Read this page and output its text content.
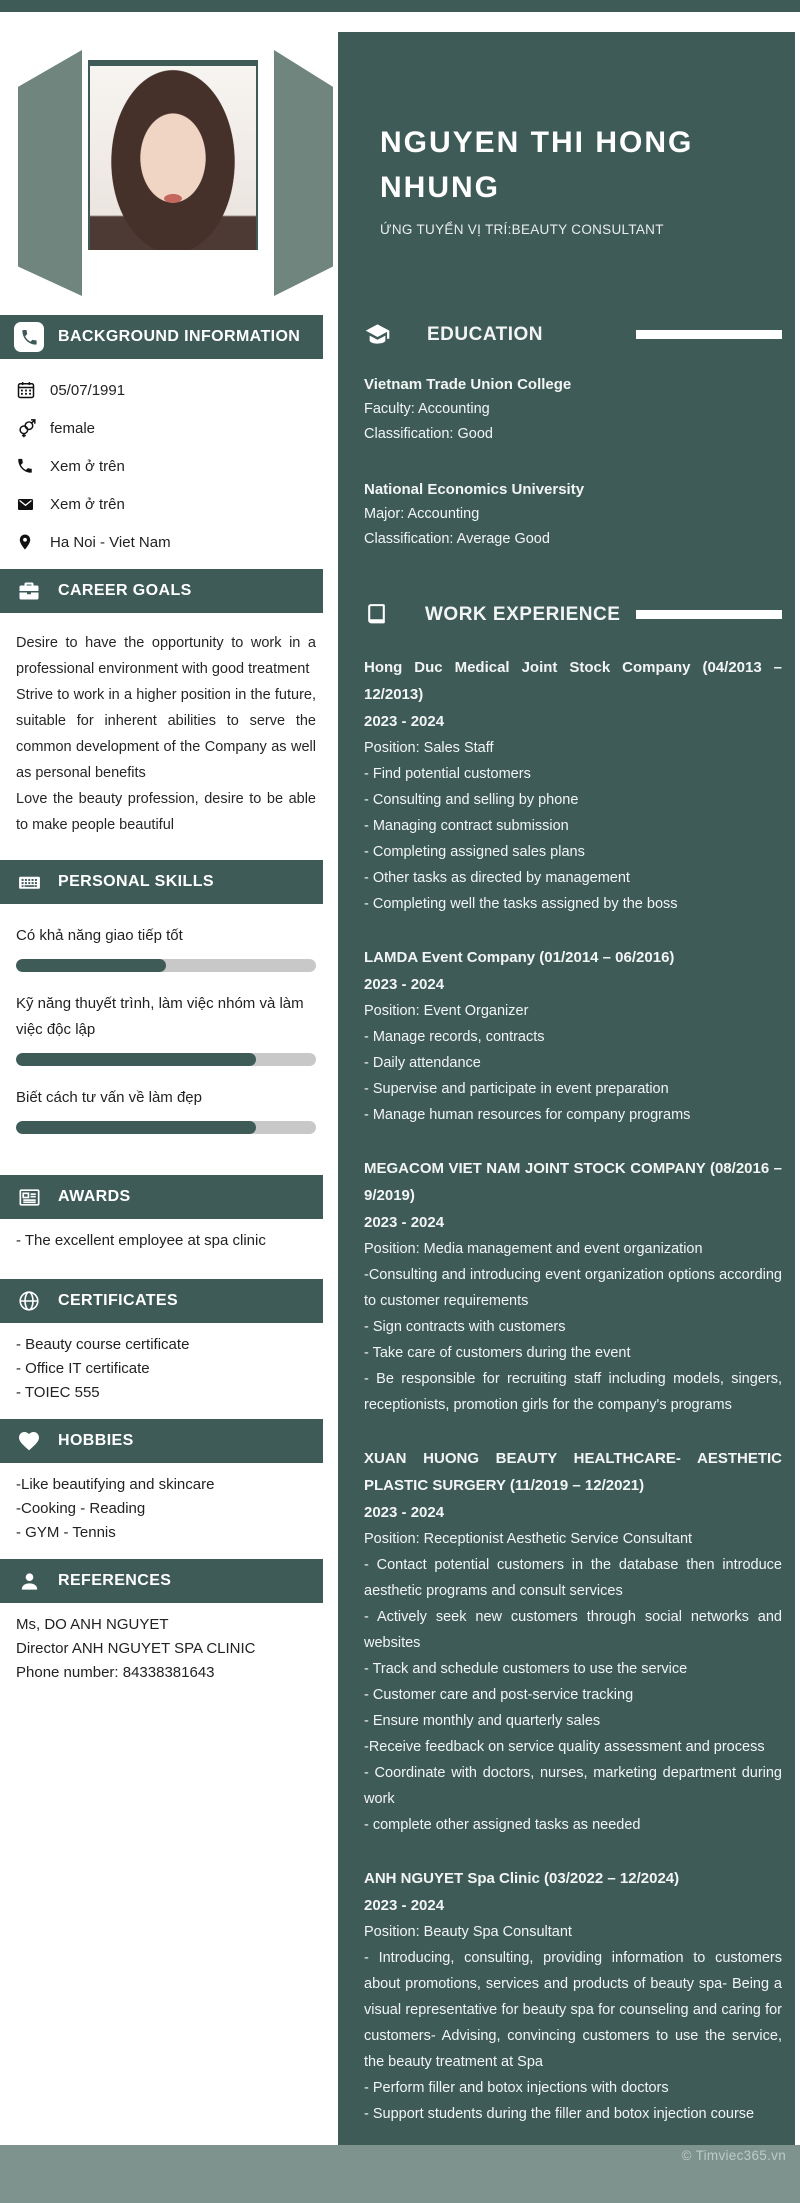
BACKGROUND INFORMATION
05/07/1991
female
Xem ở trên
Xem ở trên
Ha Noi - Viet Nam
CAREER GOALS

Desire to have the opportunity to work in a professional environment with good treatment

Strive to work in a higher position in the future, suitable for inherent abilities to serve the common development of the Company as well as personal benefits

Love the beauty profession, desire to be able to make people beautiful

PERSONAL SKILLS
Có khả năng giao tiếp tốt
Kỹ năng thuyết trình, làm việc nhóm và làm việc độc lập
Biết cách tư vấn về làm đẹp
AWARDS
- The excellent employee at spa clinic
CERTIFICATES
- Beauty course certificate
- Office IT certificate
- TOIEC 555
HOBBIES
-Like beautifying and skincare
-Cooking - Reading
- GYM - Tennis
REFERENCES
Ms, DO ANH NGUYET
Director ANH NGUYET SPA CLINIC
Phone number: 84338381643
NGUYEN THI HONG NHUNG
ỨNG TUYỂN VỊ TRÍ:BEAUTY CONSULTANT
EDUCATION
Vietnam Trade Union College
Faculty: Accounting
Classification: Good
National Economics University
Major: Accounting
Classification: Average Good
WORK EXPERIENCE
Hong Duc Medical Joint Stock Company (04/2013 – 12/2013)
2023 - 2024
Position: Sales Staff
- Find potential customers
- Consulting and selling by phone
- Managing contract submission
- Completing assigned sales plans
- Other tasks as directed by management
- Completing well the tasks assigned by the boss
LAMDA Event Company (01/2014 – 06/2016)
2023 - 2024
Position: Event Organizer
- Manage records, contracts
- Daily attendance
- Supervise and participate in event preparation
- Manage human resources for company programs
MEGACOM VIET NAM JOINT STOCK COMPANY (08/2016 – 9/2019)
2023 - 2024
Position: Media management and event organization
-Consulting and introducing event organization options according to customer requirements
- Sign contracts with customers
- Take care of customers during the event
- Be responsible for recruiting staff including models, singers, receptionists, promotion girls for the company's programs
XUAN HUONG BEAUTY HEALTHCARE- AESTHETIC PLASTIC SURGERY (11/2019 – 12/2021)
2023 - 2024
Position: Receptionist Aesthetic Service Consultant
- Contact potential customers in the database then introduce aesthetic programs and consult services
- Actively seek new customers through social networks and websites
- Track and schedule customers to use the service
- Customer care and post-service tracking
- Ensure monthly and quarterly sales
-Receive feedback on service quality assessment and process
- Coordinate with doctors, nurses, marketing department during work
- complete other assigned tasks as needed
ANH NGUYET Spa Clinic (03/2022 – 12/2024)
2023 - 2024
Position: Beauty Spa Consultant
- Introducing, consulting, providing information to customers about promotions, services and products of beauty spa- Being a visual representative for beauty spa for counseling and caring for customers- Advising, convincing customers to use the service, the beauty treatment at Spa
- Perform filler and botox injections with doctors
- Support students during the filler and botox injection course
© Timviec365.vn
